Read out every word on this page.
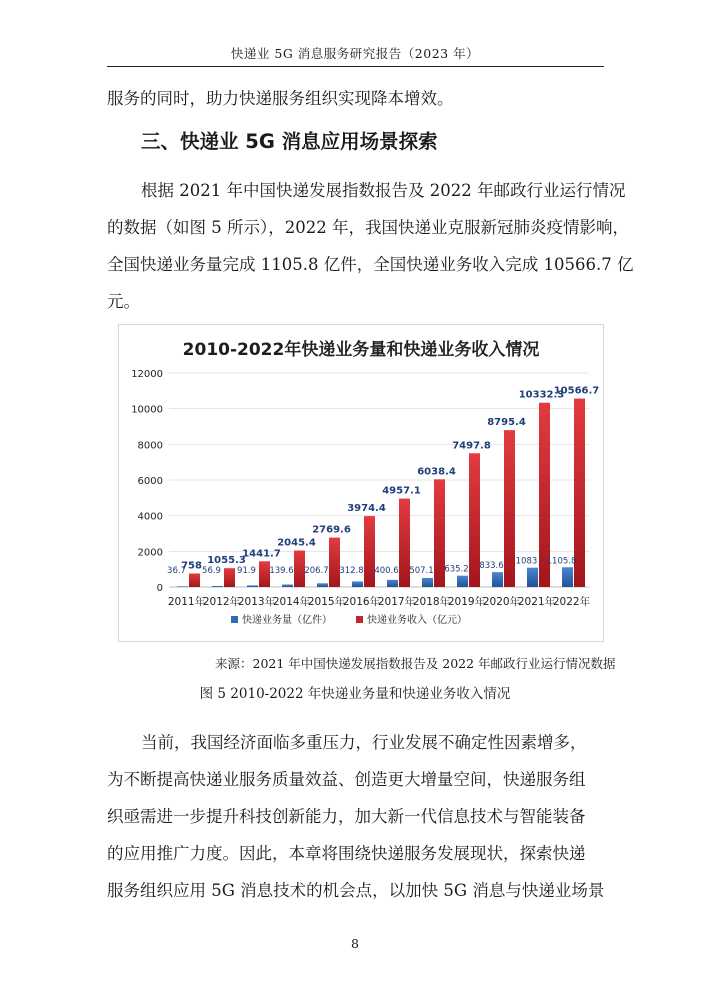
快递业 5G 消息服务研究报告（2023 年）

服务的同时，助力快递服务组织实现降本增效。

三、快递业 5G 消息应用场景探索

根据 2021 年中国快递发展指数报告及 2022 年邮政行业运行情况

的数据（如图 5 所示），2022 年，我国快递业克服新冠肺炎疫情影响，

全国快递业务量完成 1105.8 亿件，全国快递业务收入完成 10566.7 亿

元。

2010-2022年快递业务量和快递业务收入情况
0
2000
4000
6000
8000
10000
12000
36.7
758
2011年
56.9
1055.3
2012年
91.9
1441.7
2013年
139.6
2045.4
2014年
206.7
2769.6
2015年
312.8
3974.4
2016年
400.6
4957.1
2017年
507.1
6038.4
2018年
635.2
7497.8
2019年
833.6
8795.4
2020年
1083
10332.3
2021年
1105.8
10566.7
2022年
快递业务量（亿件）	快递业务收入（亿元）
来源：2021 年中国快递发展指数报告及 2022 年邮政行业运行情况数据
图 5 2010-2022 年快递业务量和快递业务收入情况

当前，我国经济面临多重压力，行业发展不确定性因素增多，

为不断提高快递业服务质量效益、创造更大增量空间，快递服务组

织亟需进一步提升科技创新能力，加大新一代信息技术与智能装备

的应用推广力度。因此，本章将围绕快递服务发展现状，探索快递

服务组织应用 5G 消息技术的机会点，以加快 5G 消息与快递业场景

8
